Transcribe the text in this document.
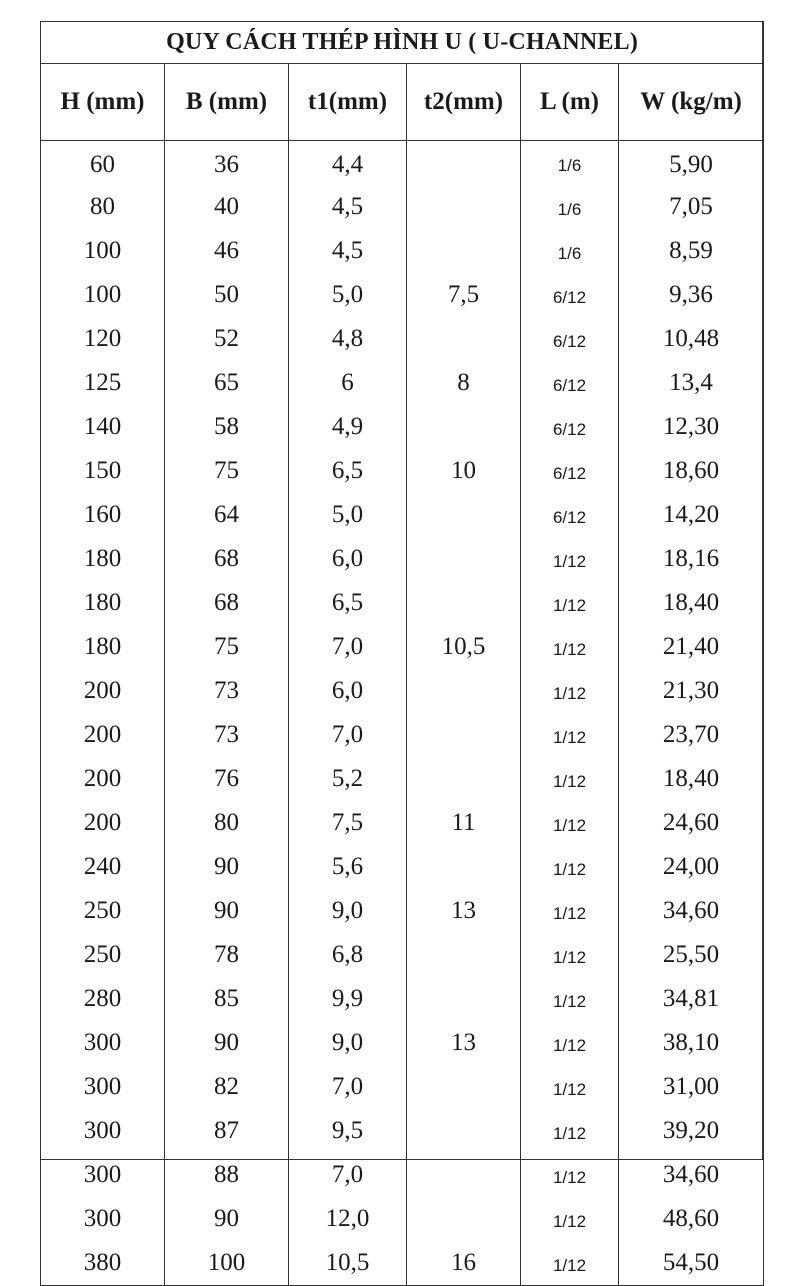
QUY CÁCH THÉP HÌNH U ( U-CHANNEL)					
H (mm)	B (mm)	t1(mm)	t2(mm)	L (m)	W (kg/m)
60	36	4,4		1/6	5,90
80	40	4,5		1/6	7,05
100	46	4,5		1/6	8,59
100	50	5,0	7,5	6/12	9,36
120	52	4,8		6/12	10,48
125	65	6	8	6/12	13,4
140	58	4,9		6/12	12,30
150	75	6,5	10	6/12	18,60
160	64	5,0		6/12	14,20
180	68	6,0		1/12	18,16
180	68	6,5		1/12	18,40
180	75	7,0	10,5	1/12	21,40
200	73	6,0		1/12	21,30
200	73	7,0		1/12	23,70
200	76	5,2		1/12	18,40
200	80	7,5	11	1/12	24,60
240	90	5,6		1/12	24,00
250	90	9,0	13	1/12	34,60
250	78	6,8		1/12	25,50
280	85	9,9		1/12	34,81
300	90	9,0	13	1/12	38,10
300	82	7,0		1/12	31,00
300	87	9,5		1/12	39,20
300	88	7,0		1/12	34,60
300	90	12,0		1/12	48,60
380	100	10,5	16	1/12	54,50
